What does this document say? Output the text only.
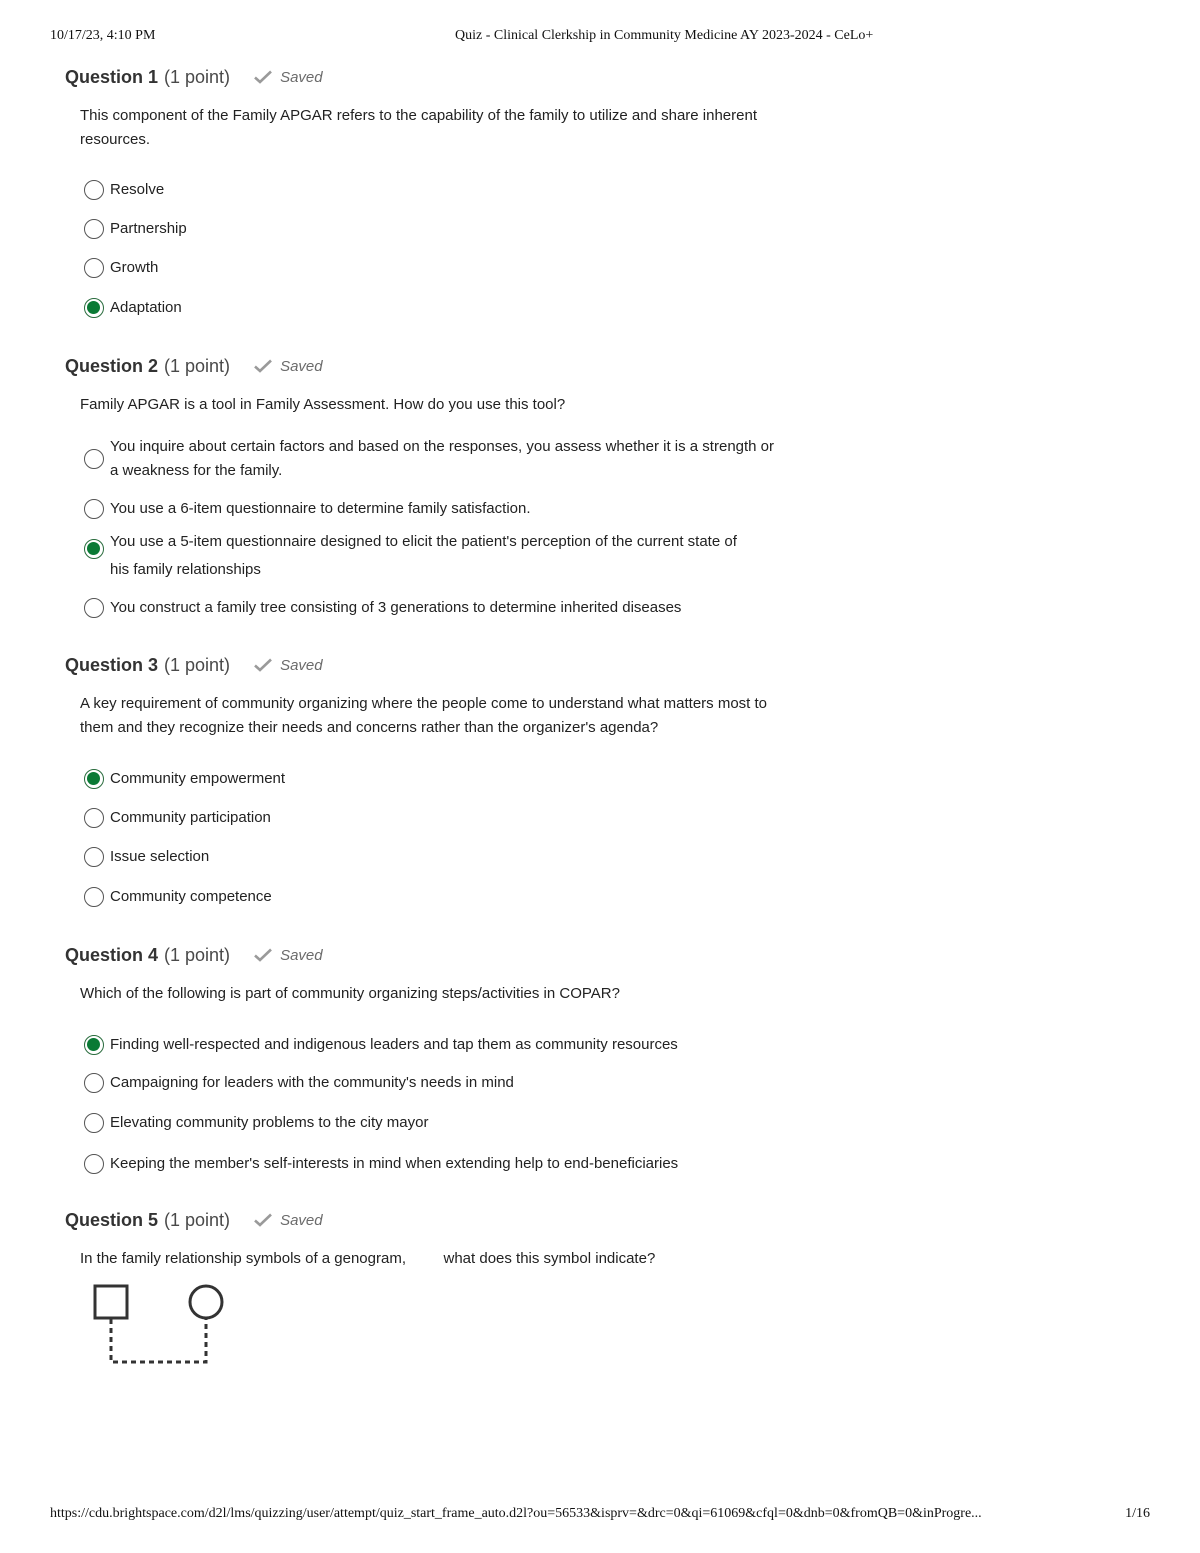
10/17/23, 4:10 PM	Quiz - Clinical Clerkship in Community Medicine AY 2023-2024 - CeLo+
Question 1 (1 point)	Saved
This component of the Family APGAR refers to the capability of the family to utilize and share inherent resources.
Resolve
Partnership
Growth
Adaptation
Question 2 (1 point)	Saved
Family APGAR is a tool in Family Assessment. How do you use this tool?
You inquire about certain factors and based on the responses, you assess whether it is a strength or a weakness for the family.
You use a 6-item questionnaire to determine family satisfaction.
You use a 5-item questionnaire designed to elicit the patient's perception of the current state of his family relationships
You construct a family tree consisting of 3 generations to determine inherited diseases
Question 3 (1 point)	Saved
A key requirement of community organizing where the people come to understand what matters most to them and they recognize their needs and concerns rather than the organizer's agenda?
Community empowerment
Community participation
Issue selection
Community competence
Question 4 (1 point)	Saved
Which of the following is part of community organizing steps/activities in COPAR?
Finding well-respected and indigenous leaders and tap them as community resources
Campaigning for leaders with the community's needs in mind
Elevating community problems to the city mayor
Keeping the member's self-interests in mind when extending help to end-beneficiaries
Question 5 (1 point)	Saved
In the family relationship symbols of a genogram,         what does this symbol indicate?
https://cdu.brightspace.com/d2l/lms/quizzing/user/attempt/quiz_start_frame_auto.d2l?ou=56533&isprv=&drc=0&qi=61069&cfql=0&dnb=0&fromQB=0&inProgre...	1/16
